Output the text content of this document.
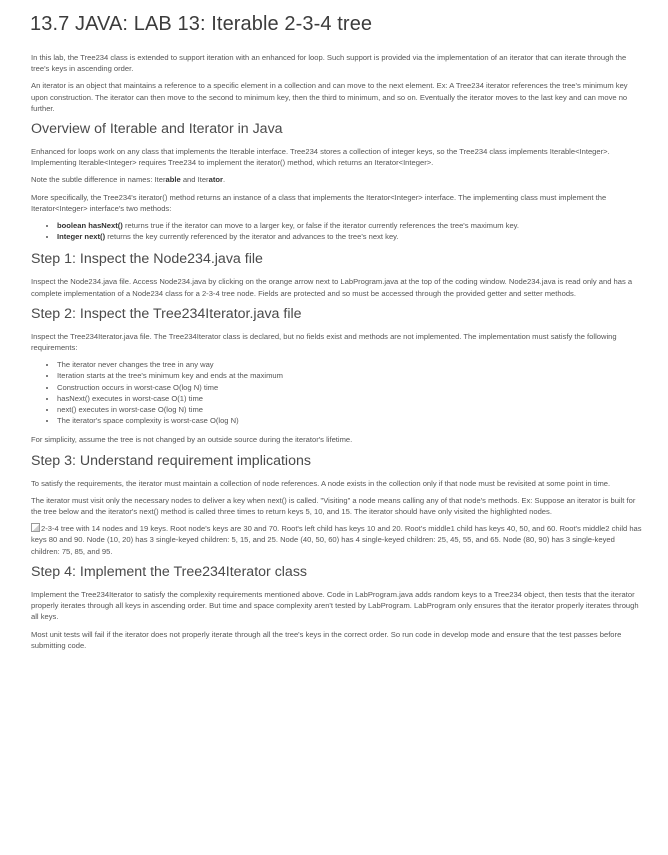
13.7 JAVA: LAB 13: Iterable 2-3-4 tree

In this lab, the Tree234 class is extended to support iteration with an enhanced for loop. Such support is provided via the implementation of an iterator that can iterate through the tree's keys in ascending order.

An iterator is an object that maintains a reference to a specific element in a collection and can move to the next element. Ex: A Tree234 iterator references the tree's minimum key upon construction. The iterator can then move to the second to minimum key, then the third to minimum, and so on. Eventually the iterator moves to the last key and can move no further.

Overview of Iterable and Iterator in Java

Enhanced for loops work on any class that implements the Iterable interface. Tree234 stores a collection of integer keys, so the Tree234 class implements Iterable<Integer>. Implementing Iterable<Integer> requires Tree234 to implement the iterator() method, which returns an Iterator<Integer>.

Note the subtle difference in names: Iterable and Iterator.

More specifically, the Tree234's iterator() method returns an instance of a class that implements the Iterator<Integer> interface. The implementing class must implement the Iterator<Integer> interface's two methods:

• boolean hasNext() returns true if the iterator can move to a larger key, or false if the iterator currently references the tree's maximum key.
• Integer next() returns the key currently referenced by the iterator and advances to the tree's next key.
Step 1: Inspect the Node234.java file

Inspect the Node234.java file. Access Node234.java by clicking on the orange arrow next to LabProgram.java at the top of the coding window. Node234.java is read only and has a complete implementation of a Node234 class for a 2-3-4 tree node. Fields are protected and so must be accessed through the provided getter and setter methods.

Step 2: Inspect the Tree234Iterator.java file

Inspect the Tree234Iterator.java file. The Tree234Iterator class is declared, but no fields exist and methods are not implemented. The implementation must satisfy the following requirements:

• The iterator never changes the tree in any way
• Iteration starts at the tree's minimum key and ends at the maximum
• Construction occurs in worst-case O(log N) time
• hasNext() executes in worst-case O(1) time
• next() executes in worst-case O(log N) time
• The iterator's space complexity is worst-case O(log N)

For simplicity, assume the tree is not changed by an outside source during the iterator's lifetime.

Step 3: Understand requirement implications

To satisfy the requirements, the iterator must maintain a collection of node references. A node exists in the collection only if that node must be revisited at some point in time.

The iterator must visit only the necessary nodes to deliver a key when next() is called. "Visiting" a node means calling any of that node's methods. Ex: Suppose an iterator is built for the tree below and the iterator's next() method is called three times to return keys 5, 10, and 15. The iterator should have only visited the highlighted nodes.

2-3-4 tree with 14 nodes and 19 keys. Root node's keys are 30 and 70. Root's left child has keys 10 and 20. Root's middle1 child has keys 40, 50, and 60. Root's middle2 child has keys 80 and 90. Node (10, 20) has 3 single-keyed children: 5, 15, and 25. Node (40, 50, 60) has 4 single-keyed children: 25, 45, 55, and 65. Node (80, 90) has 3 single-keyed children: 75, 85, and 95.
Step 4: Implement the Tree234Iterator class

Implement the Tree234Iterator to satisfy the complexity requirements mentioned above. Code in LabProgram.java adds random keys to a Tree234 object, then tests that the iterator properly iterates through all keys in ascending order. But time and space complexity aren't tested by LabProgram. LabProgram only ensures that the iterator properly iterates through all keys.

Most unit tests will fail if the iterator does not properly iterate through all the tree's keys in the correct order. So run code in develop mode and ensure that the test passes before submitting code.
